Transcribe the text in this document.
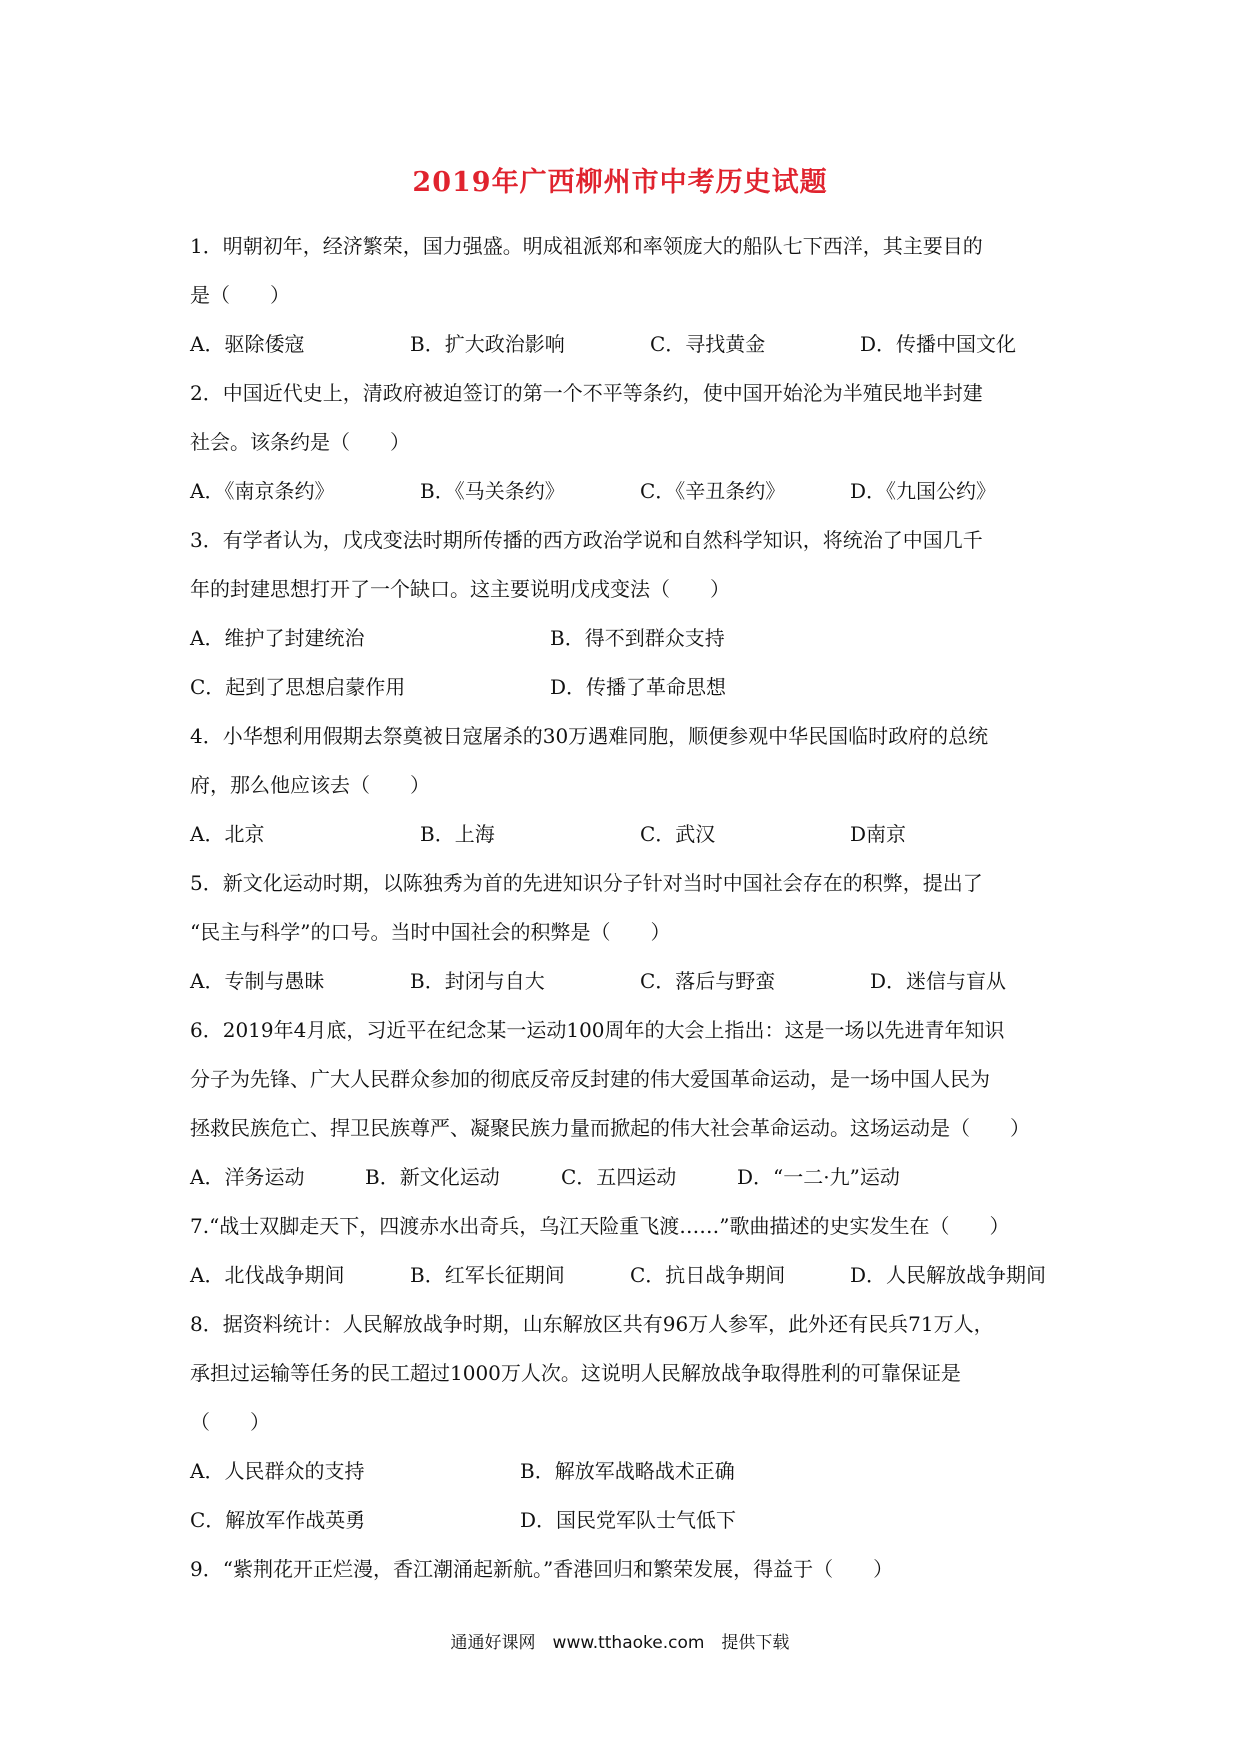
2019年广西柳州市中考历史试题
1．明朝初年，经济繁荣，国力强盛。明成祖派郑和率领庞大的船队七下西洋，其主要目的
是（　　）
A．驱除倭寇	B．扩大政治影响	C．寻找黄金	D．传播中国文化
2．中国近代史上，清政府被迫签订的第一个不平等条约，使中国开始沦为半殖民地半封建
社会。该条约是（　　）
A．《南京条约》	B．《马关条约》	C．《辛丑条约》	D．《九国公约》
3．有学者认为，戊戌变法时期所传播的西方政治学说和自然科学知识，将统治了中国几千
年的封建思想打开了一个缺口。这主要说明戊戌变法（　　）
A．维护了封建统治	B．得不到群众支持
C．起到了思想启蒙作用	D．传播了革命思想
4．小华想利用假期去祭奠被日寇屠杀的30万遇难同胞，顺便参观中华民国临时政府的总统
府，那么他应该去（　　）
A．北京	B．上海	C．武汉	D南京
5．新文化运动时期，以陈独秀为首的先进知识分子针对当时中国社会存在的积弊，提出了
“民主与科学”的口号。当时中国社会的积弊是（　　）
A．专制与愚昧	B．封闭与自大	C．落后与野蛮	D．迷信与盲从
6．2019年4月底，习近平在纪念某一运动100周年的大会上指出：这是一场以先进青年知识
分子为先锋、广大人民群众参加的彻底反帝反封建的伟大爱国革命运动，是一场中国人民为
拯救民族危亡、捍卫民族尊严、凝聚民族力量而掀起的伟大社会革命运动。这场运动是（　　）
A．洋务运动	B．新文化运动	C．五四运动	D．“一二·九”运动
7.“战士双脚走天下，四渡赤水出奇兵，乌江天险重飞渡……”歌曲描述的史实发生在（　　）
A．北伐战争期间	B．红军长征期间	C．抗日战争期间	D．人民解放战争期间
8．据资料统计：人民解放战争时期，山东解放区共有96万人参军，此外还有民兵71万人，
承担过运输等任务的民工超过1000万人次。这说明人民解放战争取得胜利的可靠保证是
（　　）
A．人民群众的支持	B．解放军战略战术正确
C．解放军作战英勇	D．国民党军队士气低下
9．“紫荆花开正烂漫，香江潮涌起新航。”香港回归和繁荣发展，得益于（　　）
通通好课网　www.tthaoke.com　提供下载
